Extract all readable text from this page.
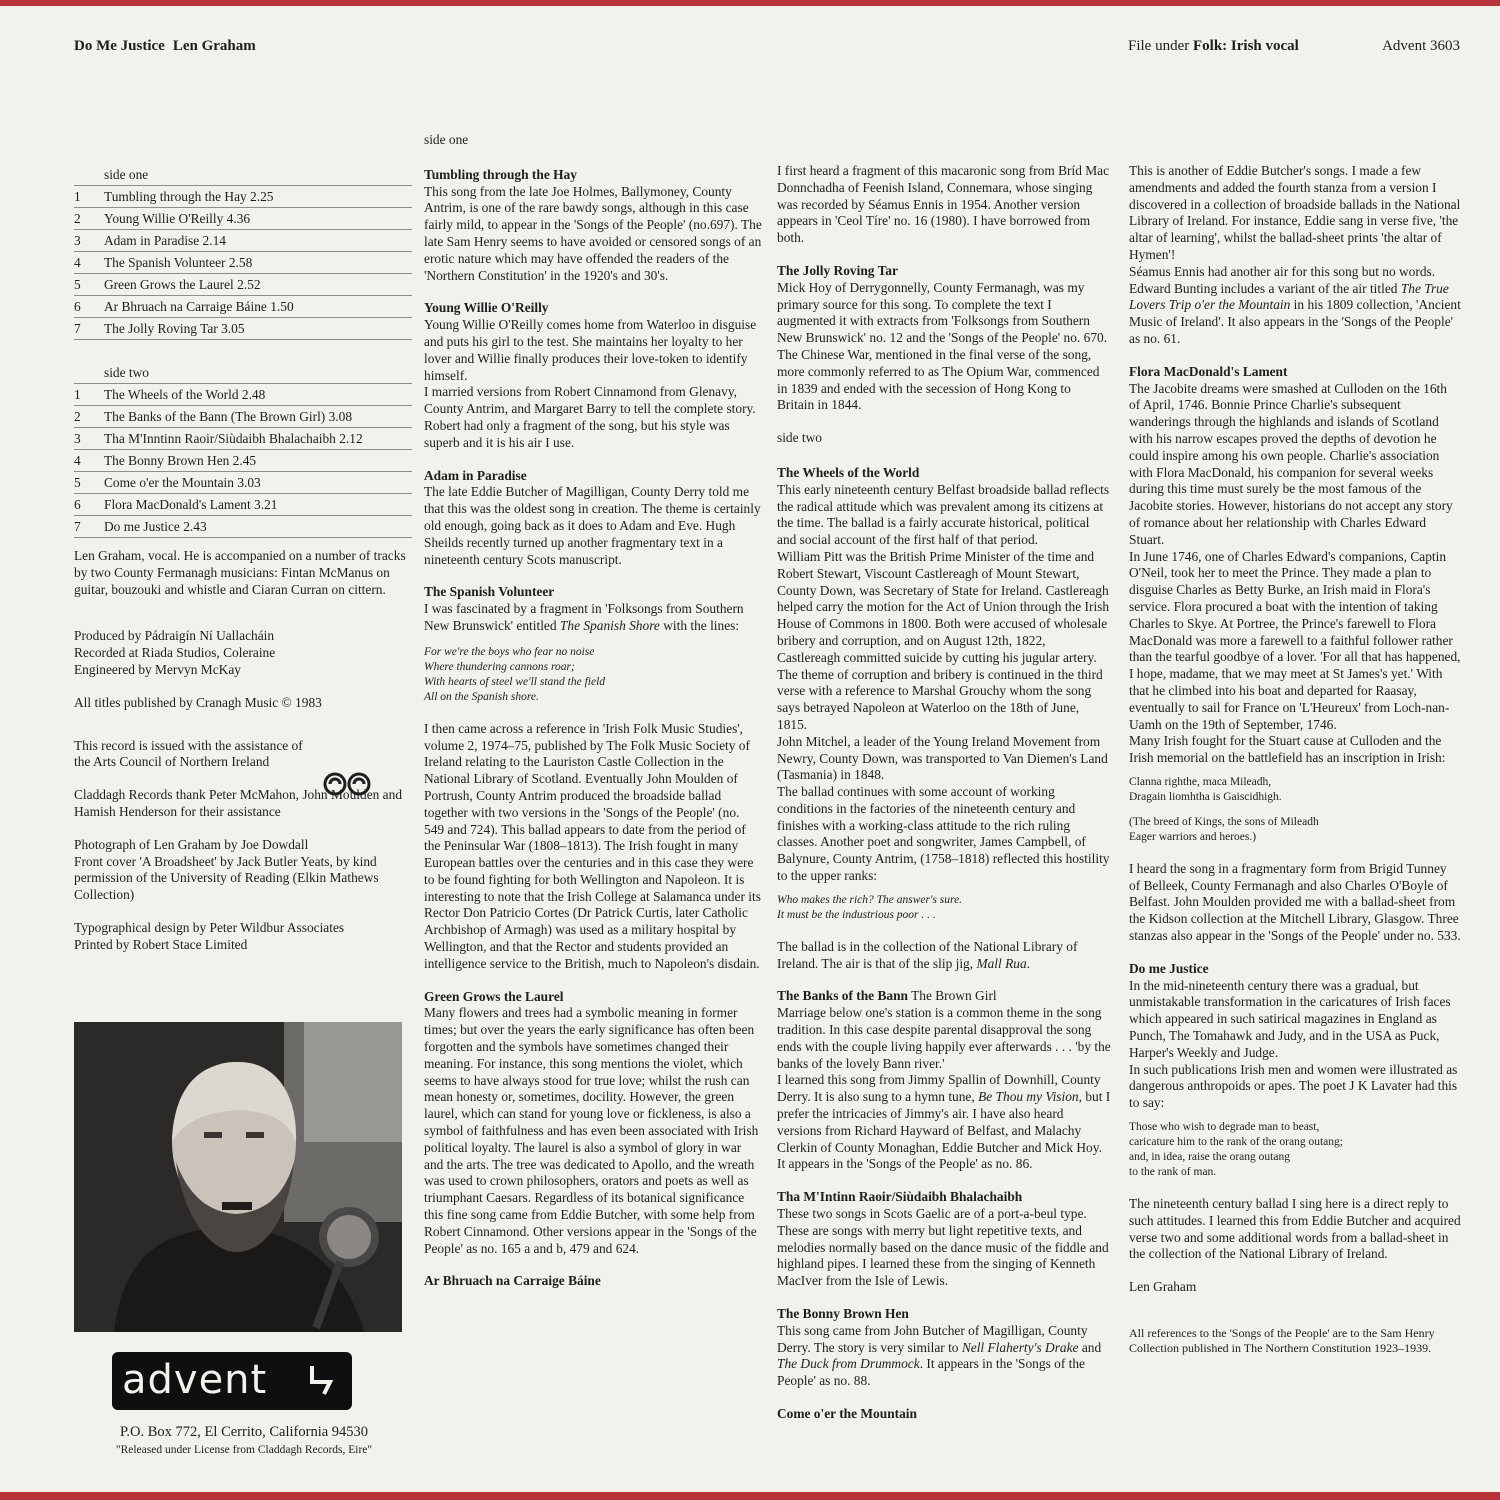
Do Me Justice Len Graham	File under Folk: Irish vocal	Advent 3603
side one
1	Tumbling through the Hay 2.25
2	Young Willie O'Reilly 4.36
3	Adam in Paradise 2.14
4	The Spanish Volunteer 2.58
5	Green Grows the Laurel 2.52
6	Ar Bhruach na Carraige Báine 1.50
7	The Jolly Roving Tar 3.05
side two
1	The Wheels of the World 2.48
2	The Banks of the Bann (The Brown Girl) 3.08
3	Tha M'Inntinn Raoir/Siùdaibh Bhalachaibh 2.12
4	The Bonny Brown Hen 2.45
5	Come o'er the Mountain 3.03
6	Flora MacDonald's Lament 3.21
7	Do me Justice 2.43

Len Graham, vocal. He is accompanied on a number of tracks by two County Fermanagh musicians: Fintan McManus on guitar, bouzouki and whistle and Ciaran Curran on cittern.

Produced by Pádraigín Ní Uallacháin
Recorded at Riada Studios, Coleraine
Engineered by Mervyn McKay

All titles published by Cranagh Music © 1983

This record is issued with the assistance of the Arts Council of Northern Ireland

Claddagh Records thank Peter McMahon, John Moulden and Hamish Henderson for their assistance

Photograph of Len Graham by Joe Dowdall
Front cover 'A Broadsheet' by Jack Butler Yeats, by kind permission of the University of Reading (Elkin Mathews Collection)

Typographical design by Peter Wildbur Associates
Printed by Robert Stace Limited

advent
P.O. Box 772, El Cerrito, California 94530
"Released under License from Claddagh Records, Eire"
side one
Tumbling through the Hay

This song from the late Joe Holmes, Ballymoney, County Antrim, is one of the rare bawdy songs, although in this case fairly mild, to appear in the 'Songs of the People' (no.697). The late Sam Henry seems to have avoided or censored songs of an erotic nature which may have offended the readers of the 'Northern Constitution' in the 1920's and 30's.

Young Willie O'Reilly

Young Willie O'Reilly comes home from Waterloo in disguise and puts his girl to the test. She maintains her loyalty to her lover and Willie finally produces their love-token to identify himself.

I married versions from Robert Cinnamond from Glenavy, County Antrim, and Margaret Barry to tell the complete story. Robert had only a fragment of the song, but his style was superb and it is his air I use.

Adam in Paradise

The late Eddie Butcher of Magilligan, County Derry told me that this was the oldest song in creation. The theme is certainly old enough, going back as it does to Adam and Eve. Hugh Sheilds recently turned up another fragmentary text in a nineteenth century Scots manuscript.

The Spanish Volunteer

I was fascinated by a fragment in 'Folksongs from Southern New Brunswick' entitled The Spanish Shore with the lines:

For we're the boys who fear no noise
Where thundering cannons roar;
With hearts of steel we'll stand the field
All on the Spanish shore.

I then came across a reference in 'Irish Folk Music Studies', volume 2, 1974–75, published by The Folk Music Society of Ireland relating to the Lauriston Castle Collection in the National Library of Scotland. Eventually John Moulden of Portrush, County Antrim produced the broadside ballad together with two versions in the 'Songs of the People' (no. 549 and 724). This ballad appears to date from the period of the Peninsular War (1808–1813). The Irish fought in many European battles over the centuries and in this case they were to be found fighting for both Wellington and Napoleon. It is interesting to note that the Irish College at Salamanca under its Rector Don Patricio Cortes (Dr Patrick Curtis, later Catholic Archbishop of Armagh) was used as a military hospital by Wellington, and that the Rector and students provided an intelligence service to the British, much to Napoleon's disdain.

Green Grows the Laurel

Many flowers and trees had a symbolic meaning in former times; but over the years the early significance has often been forgotten and the symbols have sometimes changed their meaning. For instance, this song mentions the violet, which seems to have always stood for true love; whilst the rush can mean honesty or, sometimes, docility. However, the green laurel, which can stand for young love or fickleness, is also a symbol of faithfulness and has even been associated with Irish political loyalty. The laurel is also a symbol of glory in war and the arts. The tree was dedicated to Apollo, and the wreath was used to crown philosophers, orators and poets as well as triumphant Caesars. Regardless of its botanical significance this fine song came from Eddie Butcher, with some help from Robert Cinnamond. Other versions appear in the 'Songs of the People' as no. 165 a and b, 479 and 624.

Ar Bhruach na Carraige Báine

I first heard a fragment of this macaronic song from Bríd Mac Donnchadha of Feenish Island, Connemara, whose singing was recorded by Séamus Ennis in 1954. Another version appears in 'Ceol Tíre' no. 16 (1980). I have borrowed from both.

The Jolly Roving Tar

Mick Hoy of Derrygonnelly, County Fermanagh, was my primary source for this song. To complete the text I augmented it with extracts from 'Folksongs from Southern New Brunswick' no. 12 and the 'Songs of the People' no. 670. The Chinese War, mentioned in the final verse of the song, more commonly referred to as The Opium War, commenced in 1839 and ended with the secession of Hong Kong to Britain in 1844.

side two
The Wheels of the World

This early nineteenth century Belfast broadside ballad reflects the radical attitude which was prevalent among its citizens at the time. The ballad is a fairly accurate historical, political and social account of the first half of that period.

William Pitt was the British Prime Minister of the time and Robert Stewart, Viscount Castlereagh of Mount Stewart, County Down, was Secretary of State for Ireland. Castlereagh helped carry the motion for the Act of Union through the Irish House of Commons in 1800. Both were accused of wholesale bribery and corruption, and on August 12th, 1822, Castlereagh committed suicide by cutting his jugular artery.

The theme of corruption and bribery is continued in the third verse with a reference to Marshal Grouchy whom the song says betrayed Napoleon at Waterloo on the 18th of June, 1815.

John Mitchel, a leader of the Young Ireland Movement from Newry, County Down, was transported to Van Diemen's Land (Tasmania) in 1848.

The ballad continues with some account of working conditions in the factories of the nineteenth century and finishes with a working-class attitude to the rich ruling classes. Another poet and songwriter, James Campbell, of Balynure, County Antrim, (1758–1818) reflected this hostility to the upper ranks:

Who makes the rich? The answer's sure.
It must be the industrious poor . . .

The ballad is in the collection of the National Library of Ireland. The air is that of the slip jig, Mall Rua.

The Banks of the Bann The Brown Girl

Marriage below one's station is a common theme in the song tradition. In this case despite parental disapproval the song ends with the couple living happily ever afterwards . . . 'by the banks of the lovely Bann river.'

I learned this song from Jimmy Spallin of Downhill, County Derry. It is also sung to a hymn tune, Be Thou my Vision, but I prefer the intricacies of Jimmy's air. I have also heard versions from Richard Hayward of Belfast, and Malachy Clerkin of County Monaghan, Eddie Butcher and Mick Hoy. It appears in the 'Songs of the People' as no. 86.

Tha M'Intinn Raoir/Siùdaibh Bhalachaibh

These two songs in Scots Gaelic are of a port-a-beul type. These are songs with merry but light repetitive texts, and melodies normally based on the dance music of the fiddle and highland pipes. I learned these from the singing of Kenneth MacIver from the Isle of Lewis.

The Bonny Brown Hen

This song came from John Butcher of Magilligan, County Derry. The story is very similar to Nell Flaherty's Drake and The Duck from Drummock. It appears in the 'Songs of the People' as no. 88.

Come o'er the Mountain

This is another of Eddie Butcher's songs. I made a few amendments and added the fourth stanza from a version I discovered in a collection of broadside ballads in the National Library of Ireland. For instance, Eddie sang in verse five, 'the altar of learning', whilst the ballad-sheet prints 'the altar of Hymen'!

Séamus Ennis had another air for this song but no words. Edward Bunting includes a variant of the air titled The True Lovers Trip o'er the Mountain in his 1809 collection, 'Ancient Music of Ireland'. It also appears in the 'Songs of the People' as no. 61.

Flora MacDonald's Lament

The Jacobite dreams were smashed at Culloden on the 16th of April, 1746. Bonnie Prince Charlie's subsequent wanderings through the highlands and islands of Scotland with his narrow escapes proved the depths of devotion he could inspire among his own people. Charlie's association with Flora MacDonald, his companion for several weeks during this time must surely be the most famous of the Jacobite stories. However, historians do not accept any story of romance about her relationship with Charles Edward Stuart.

In June 1746, one of Charles Edward's companions, Captin O'Neil, took her to meet the Prince. They made a plan to disguise Charles as Betty Burke, an Irish maid in Flora's service. Flora procured a boat with the intention of taking Charles to Skye. At Portree, the Prince's farewell to Flora MacDonald was more a farewell to a faithful follower rather than the tearful goodbye of a lover. 'For all that has happened, I hope, madame, that we may meet at St James's yet.' With that he climbed into his boat and departed for Raasay, eventually to sail for France on 'L'Heureux' from Loch-nan-Uamh on the 19th of September, 1746.

Many Irish fought for the Stuart cause at Culloden and the Irish memorial on the battlefield has an inscription in Irish:

Clanna righthe, maca Mileadh,
Dragain liomhtha is Gaiscidhigh.
(The breed of Kings, the sons of Mileadh
Eager warriors and heroes.)

I heard the song in a fragmentary form from Brigid Tunney of Belleek, County Fermanagh and also Charles O'Boyle of Belfast. John Moulden provided me with a ballad-sheet from the Kidson collection at the Mitchell Library, Glasgow. Three stanzas also appear in the 'Songs of the People' under no. 533.

Do me Justice

In the mid-nineteenth century there was a gradual, but unmistakable transformation in the caricatures of Irish faces which appeared in such satirical magazines in England as Punch, The Tomahawk and Judy, and in the USA as Puck, Harper's Weekly and Judge.

In such publications Irish men and women were illustrated as dangerous anthropoids or apes. The poet J K Lavater had this to say:

Those who wish to degrade man to beast,
caricature him to the rank of the orang outang;
and, in idea, raise the orang outang
to the rank of man.

The nineteenth century ballad I sing here is a direct reply to such attitudes. I learned this from Eddie Butcher and acquired verse two and some additional words from a ballad-sheet in the collection of the National Library of Ireland.

Len Graham

All references to the 'Songs of the People' are to the Sam Henry Collection published in The Northern Constitution 1923–1939.
